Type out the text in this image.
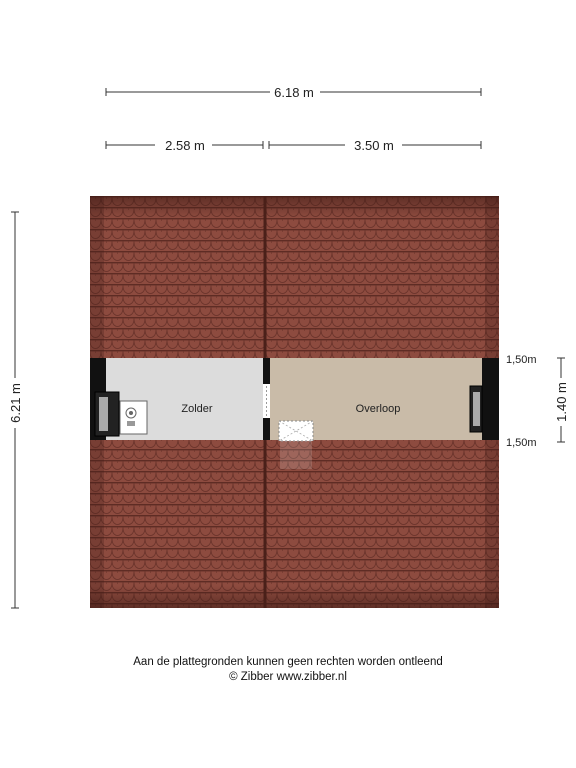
6.18 m
2.58 m	3.50 m
6.21 m	1.40 m
1,50m
1,50m
Zolder	Overloop
Aan de plattegronden kunnen geen rechten worden ontleend
© Zibber www.zibber.nl
